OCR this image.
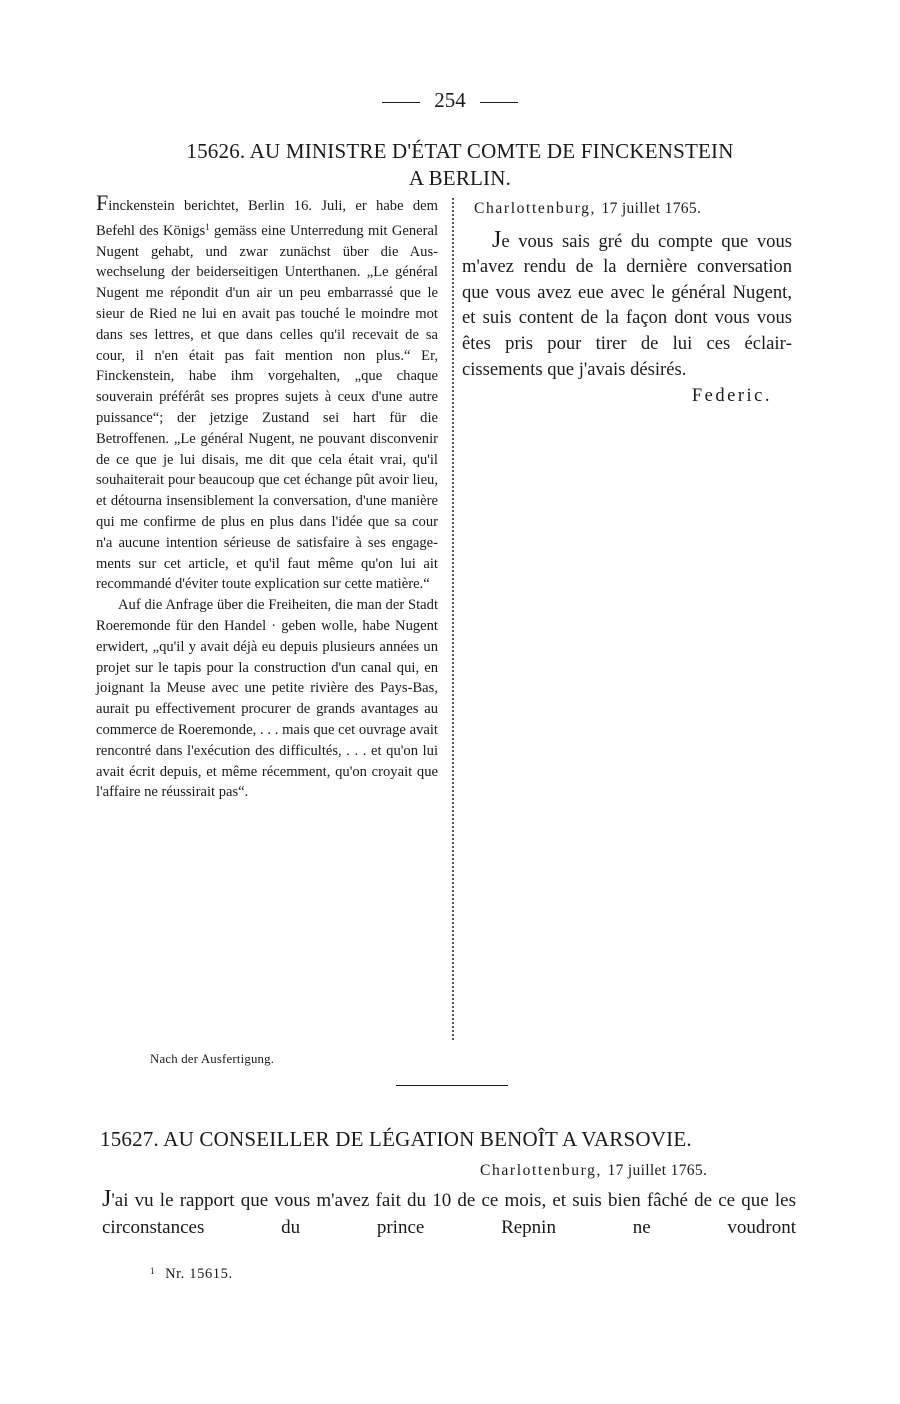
254
15626. AU MINISTRE D'ÉTAT COMTE DE FINCKENSTEIN
A BERLIN.

Finckenstein berichtet, Berlin 16. Juli, er habe dem Befehl des Königs$^1$ gemäss eine Unterredung mit General Nugent gehabt, und zwar zunächst über die Auswechselung der beiderseitigen Unterthanen. „Le général Nugent me répondit d'un air un peu embarrassé que le sieur de Ried ne lui en avait pas touché le moindre mot dans ses lettres, et que dans celles qu'il recevait de sa cour, il n'en était pas fait mention non plus.“ Er, Finckenstein, habe ihm vorgehalten, „que chaque souverain préférât ses propres sujets à ceux d'une autre puissance“; der jetzige Zustand sei hart für die Betroffenen. „Le général Nugent, ne pouvant disconvenir de ce que je lui disais, me dit que cela était vrai, qu'il souhaiterait pour beaucoup que cet échange pût avoir lieu, et détourna insensiblement la conversation, d'une manière qui me confirme de plus en plus dans l'idée que sa cour n'a aucune intention sérieuse de satisfaire à ses engagements sur cet article, et qu'il faut même qu'on lui ait recommandé d'éviter toute explication sur cette matière.“

Auf die Anfrage über die Freiheiten, die man der Stadt Roeremonde für den Handel · geben wolle, habe Nugent erwidert, „qu'il y avait déjà eu depuis plusieurs années un projet sur le tapis pour la construction d'un canal qui, en joignant la Meuse avec une petite rivière des Pays-Bas, aurait pu effectivement procurer de grands avantages au commerce de Roeremonde, . . . mais que cet ouvrage avait rencontré dans l'exécution des difficultés, . . . et qu'on lui avait écrit depuis, et même récemment, qu'on croyait que l'affaire ne réussirait pas“.

Charlottenburg, 17 juillet 1765.

Je vous sais gré du compte que vous m'avez rendu de la dernière conversation que vous avez eue avec le général Nugent, et suis content de la façon dont vous vous êtes pris pour tirer de lui ces éclaircissements que j'avais désirés.

Federic.
Nach der Ausfertigung.
15627. AU CONSEILLER DE LÉGATION BENOÎT A VARSOVIE.
Charlottenburg, 17 juillet 1765.
J'ai vu le rapport que vous m'avez fait du 10 de ce mois, et suis bien fâché de ce que les circonstances du prince Repnin ne voudront
$^1$ Nr. 15615.
